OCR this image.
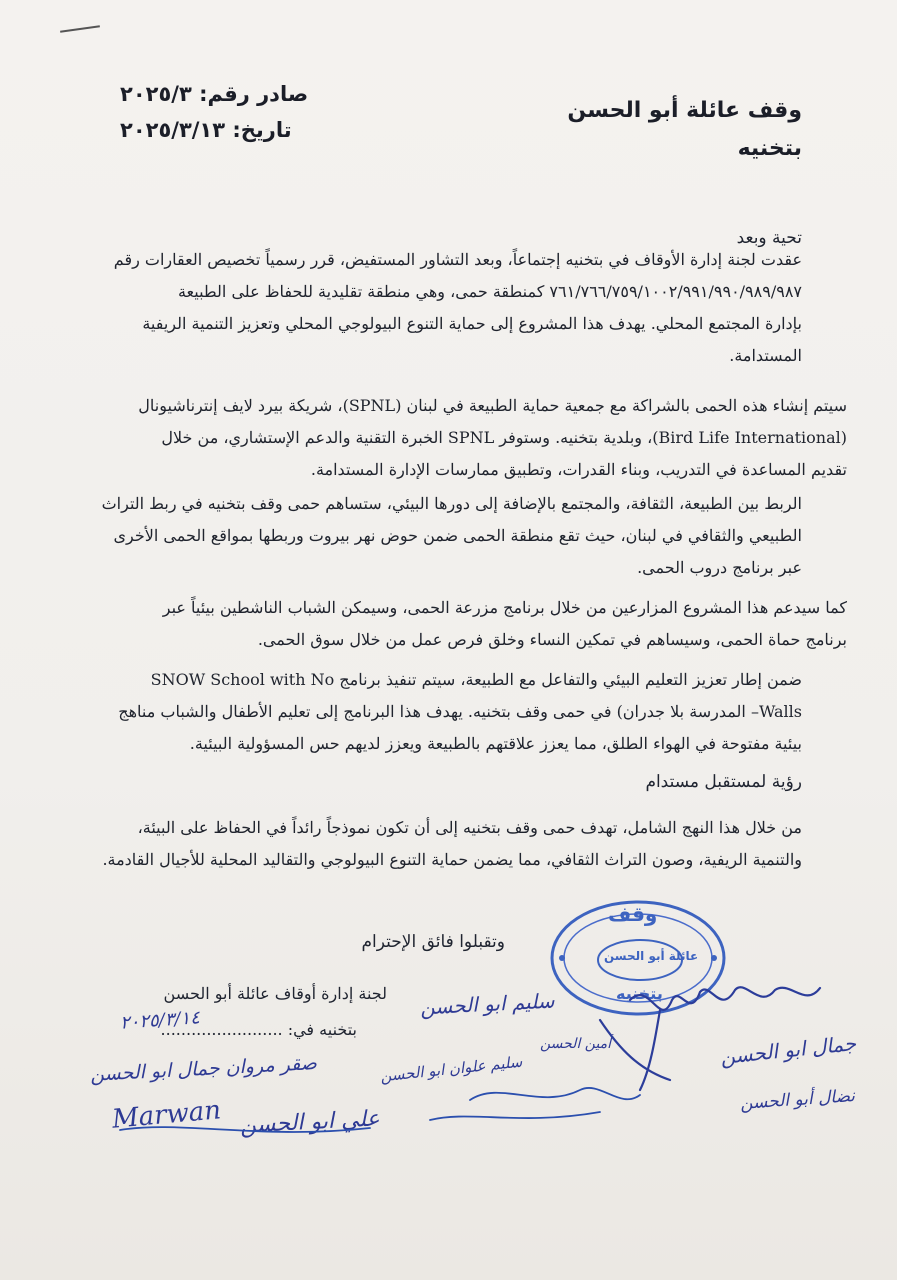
وقف عائلة أبو الحسن
بتخنيه
صادر رقم: ٢٠٢٥/٣
تاريخ: ٢٠٢٥/٣/١٣
تحية وبعد
عقدت لجنة إدارة الأوقاف في بتخنيه إجتماعاً، وبعد التشاور المستفيض، قرر رسمياً تخصيص العقارات رقم
٧٦١/٧٦٦/٧٥٩/١٠٠٢/٩٩١/٩٩٠/٩٨٩/٩٨٧ كمنطقة حمى، وهي منطقة تقليدية للحفاظ على الطبيعة
بإدارة المجتمع المحلي. يهدف هذا المشروع إلى حماية التنوع البيولوجي المحلي وتعزيز التنمية الريفية
المستدامة.
سيتم إنشاء هذه الحمى بالشراكة مع جمعية حماية الطبيعة في لبنان (SPNL)، شريكة بيرد لايف إنترناشيونال
(Bird Life International)، وبلدية بتخنيه. وستوفر SPNL الخبرة التقنية والدعم الإستشاري، من خلال
تقديم المساعدة في التدريب، وبناء القدرات، وتطبيق ممارسات الإدارة المستدامة.
الربط بين الطبيعة، الثقافة، والمجتمع بالإضافة إلى دورها البيئي، ستساهم حمى وقف بتخنيه في ربط التراث
الطبيعي والثقافي في لبنان، حيث تقع منطقة الحمى ضمن حوض نهر بيروت وربطها بمواقع الحمى الأخرى
عبر برنامج دروب الحمى.
كما سيدعم هذا المشروع المزارعين من خلال برنامج مزرعة الحمى، وسيمكن الشباب الناشطين بيئياً عبر
برنامج حماة الحمى، وسيساهم في تمكين النساء وخلق فرص عمل من خلال سوق الحمى.
ضمن إطار تعزيز التعليم البيئي والتفاعل مع الطبيعة، سيتم تنفيذ برنامج SNOW School with No
Walls– المدرسة بلا جدران) في حمى وقف بتخنيه. يهدف هذا البرنامج إلى تعليم الأطفال والشباب مناهج
بيئية مفتوحة في الهواء الطلق، مما يعزز علاقتهم بالطبيعة ويعزز لديهم حس المسؤولية البيئية.
رؤية لمستقبل مستدام
من خلال هذا النهج الشامل، تهدف حمى وقف بتخنيه إلى أن تكون نموذجاً رائداً في الحفاظ على البيئة،
والتنمية الريفية، وصون التراث الثقافي، مما يضمن حماية التنوع البيولوجي والتقاليد المحلية للأجيال القادمة.
وتقبلوا فائق الإحترام
لجنة إدارة أوقاف عائلة أبو الحسن
بتخنيه في: ........................
٢٠٢٥/٣/١٤
وقف
عائلة أبو الحسن
بتخنيه
سليم ابو الحسن
أمين الحسن
سليم علوان ابو الحسن
صقر مروان جمال ابو الحسن
Marwan علي ابو الحسن
جمال ابو الحسن
نضال أبو الحسن
